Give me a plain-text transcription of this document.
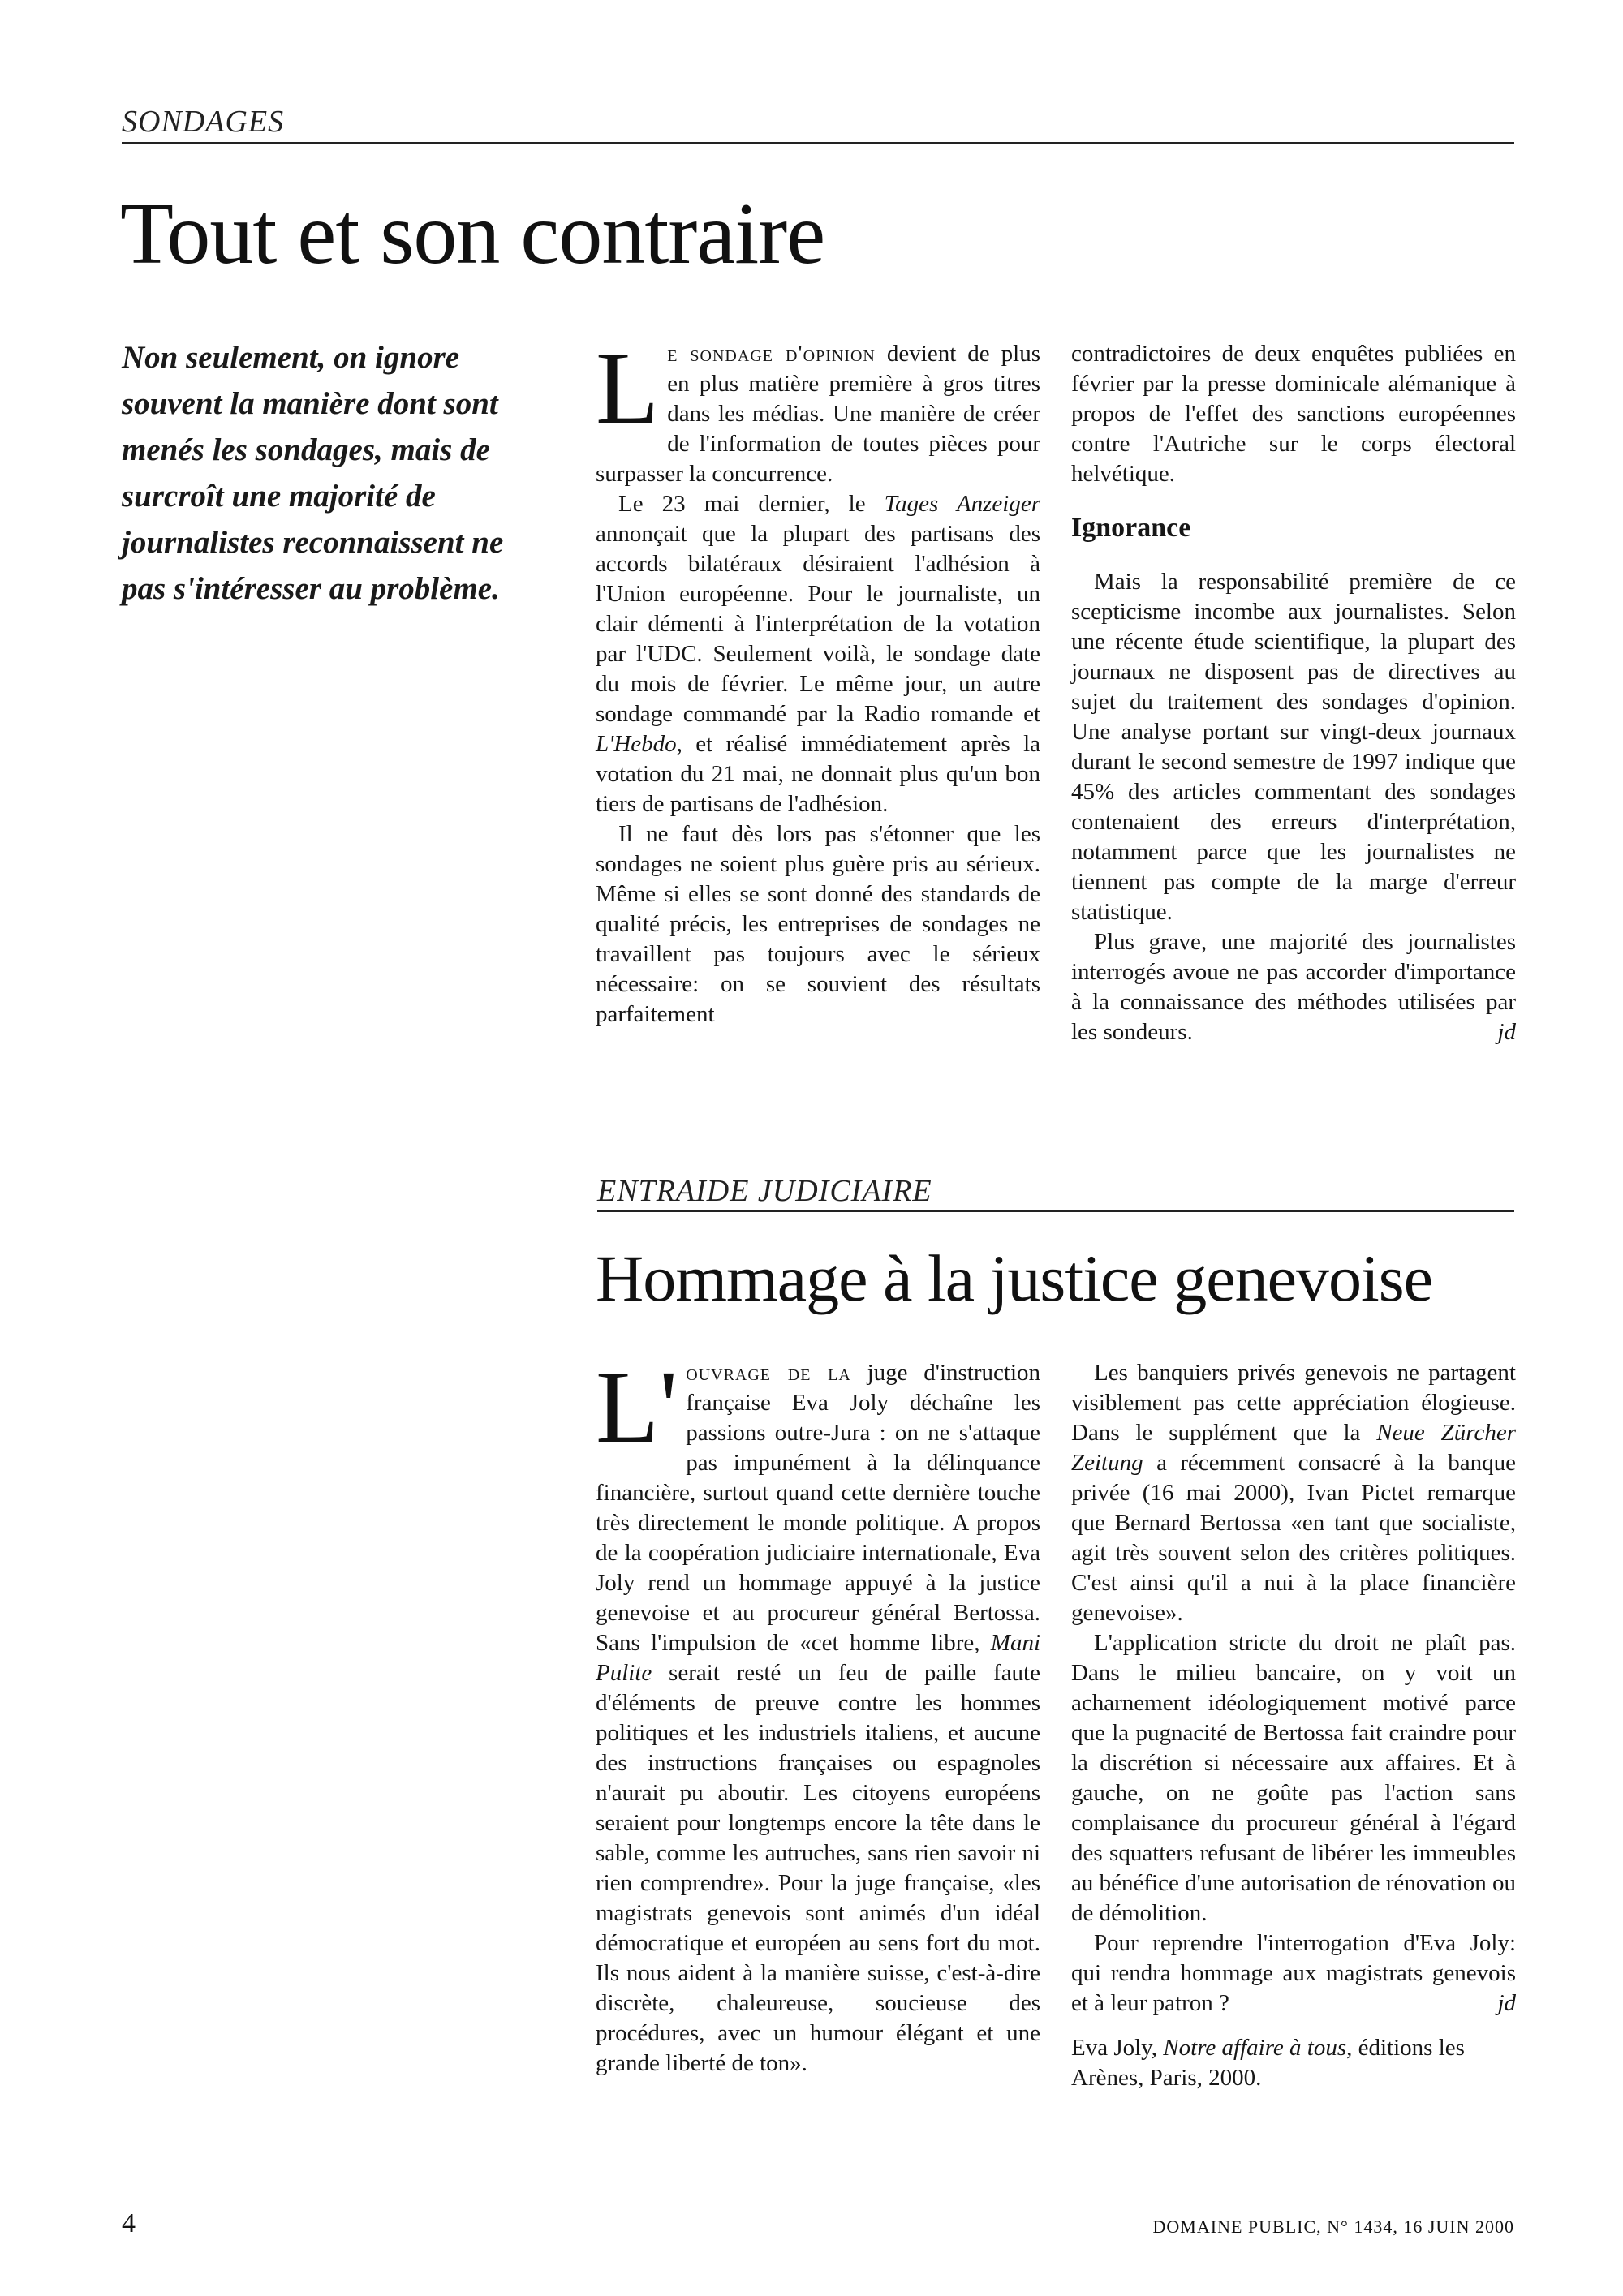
SONDAGES
Tout et son contraire
Non seulement, on ignore souvent la manière dont sont menés les sondages, mais de surcroît une majorité de journalistes reconnaissent ne pas s'intéresser au problème.

Le sondage d'opinion devient de plus en plus matière première à gros titres dans les médias. Une manière de créer de l'information de toutes pièces pour surpasser la concurrence.

Le 23 mai dernier, le Tages Anzeiger annonçait que la plupart des partisans des accords bilatéraux désiraient l'adhésion à l'Union européenne. Pour le journaliste, un clair démenti à l'interprétation de la votation par l'UDC. Seulement voilà, le sondage date du mois de février. Le même jour, un autre sondage commandé par la Radio romande et L'Hebdo, et réalisé immédiatement après la votation du 21 mai, ne donnait plus qu'un bon tiers de partisans de l'adhésion.

Il ne faut dès lors pas s'étonner que les sondages ne soient plus guère pris au sérieux. Même si elles se sont donné des standards de qualité précis, les entreprises de sondages ne travaillent pas toujours avec le sérieux nécessaire: on se souvient des résultats parfaitement

contradictoires de deux enquêtes publiées en février par la presse dominicale alémanique à propos de l'effet des sanctions européennes contre l'Autriche sur le corps électoral helvétique.

Ignorance

Mais la responsabilité première de ce scepticisme incombe aux journalistes. Selon une récente étude scientifique, la plupart des journaux ne disposent pas de directives au sujet du traitement des sondages d'opinion. Une analyse portant sur vingt-deux journaux durant le second semestre de 1997 indique que 45% des articles commentant des sondages contenaient des erreurs d'interprétation, notamment parce que les journalistes ne tiennent pas compte de la marge d'erreur statistique.

Plus grave, une majorité des journalistes interrogés avoue ne pas accorder d'importance à la connaissance des méthodes utilisées par les sondeurs.	jd

ENTRAIDE JUDICIAIRE
Hommage à la justice genevoise

L' ouvrage de la juge d'instruction française Eva Joly déchaîne les passions outre-Jura : on ne s'attaque pas impunément à la délinquance financière, surtout quand cette dernière touche très directement le monde politique. A propos de la coopération judiciaire internationale, Eva Joly rend un hommage appuyé à la justice genevoise et au procureur général Bertossa. Sans l'impulsion de «cet homme libre, Mani Pulite serait resté un feu de paille faute d'éléments de preuve contre les hommes politiques et les industriels italiens, et aucune des instructions françaises ou espagnoles n'aurait pu aboutir. Les citoyens européens seraient pour longtemps encore la tête dans le sable, comme les autruches, sans rien savoir ni rien comprendre». Pour la juge française, «les magistrats genevois sont animés d'un idéal démocratique et européen au sens fort du mot. Ils nous aident à la manière suisse, c'est-à-dire discrète, chaleureuse, soucieuse des procédures, avec un humour élégant et une grande liberté de ton».

Les banquiers privés genevois ne partagent visiblement pas cette appréciation élogieuse. Dans le supplément que la Neue Zürcher Zeitung a récemment consacré à la banque privée (16 mai 2000), Ivan Pictet remarque que Bernard Bertossa «en tant que socialiste, agit très souvent selon des critères politiques. C'est ainsi qu'il a nui à la place financière genevoise».

L'application stricte du droit ne plaît pas. Dans le milieu bancaire, on y voit un acharnement idéologiquement motivé parce que la pugnacité de Bertossa fait craindre pour la discrétion si nécessaire aux affaires. Et à gauche, on ne goûte pas l'action sans complaisance du procureur général à l'égard des squatters refusant de libérer les immeubles au bénéfice d'une autorisation de rénovation ou de démolition.

Pour reprendre l'interrogation d'Eva Joly: qui rendra hommage aux magistrats genevois et à leur patron ?	jd

Eva Joly, Notre affaire à tous, éditions les Arènes, Paris, 2000.

4	DOMAINE PUBLIC, N° 1434, 16 JUIN 2000
